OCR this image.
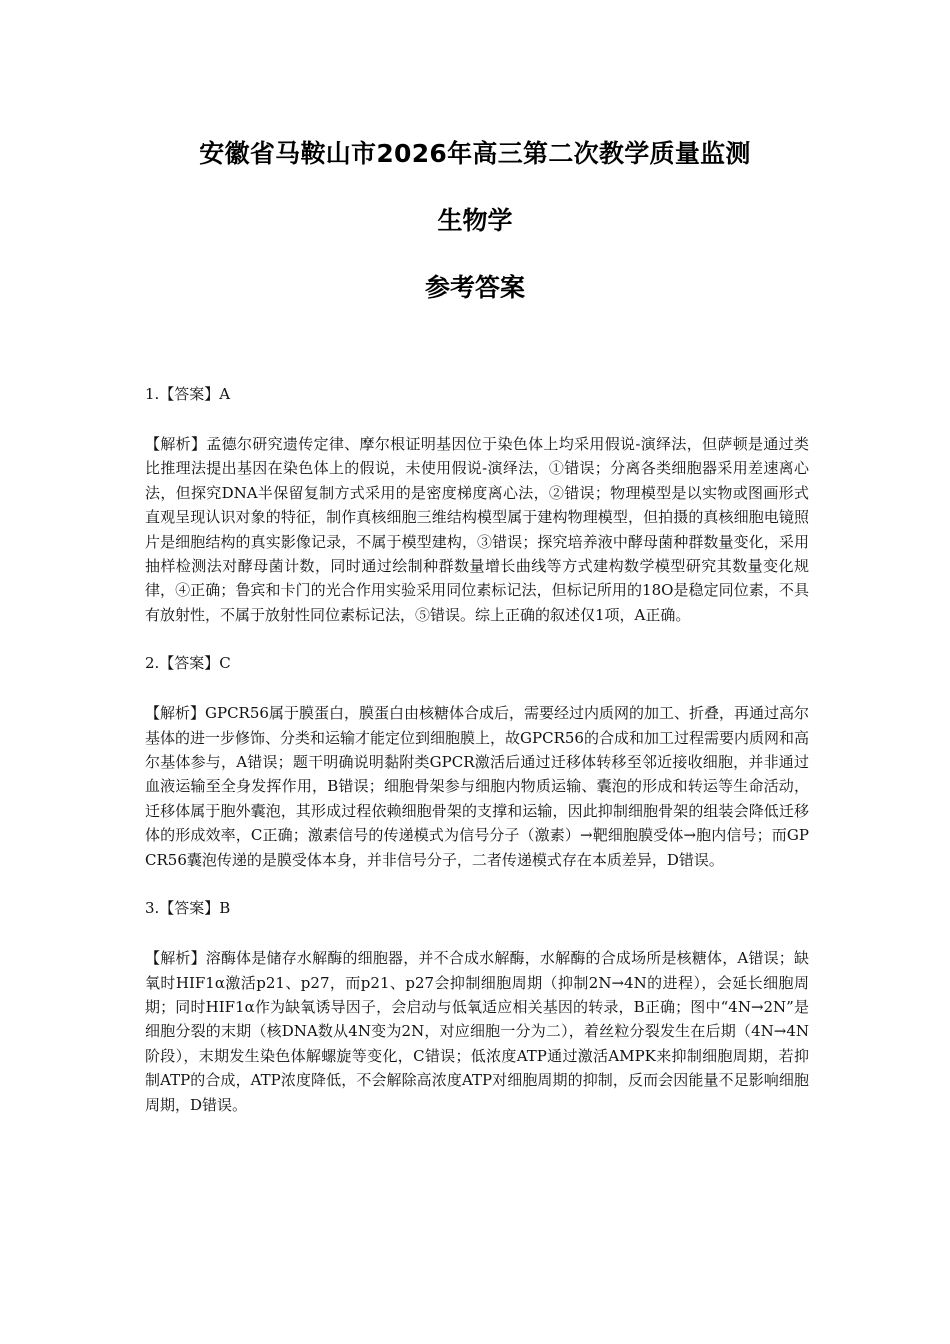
安徽省马鞍山市2026年高三第二次教学质量监测
生物学
参考答案

1.【答案】A

【解析】孟德尔研究遗传定律、摩尔根证明基因位于染色体上均采用假说-演绎法，但萨顿是通过类比推理法提出基因在染色体上的假说，未使用假说-演绎法，①错误；分离各类细胞器采用差速离心法，但探究DNA半保留复制方式采用的是密度梯度离心法，②错误；物理模型是以实物或图画形式直观呈现认识对象的特征，制作真核细胞三维结构模型属于建构物理模型，但拍摄的真核细胞电镜照片是细胞结构的真实影像记录，不属于模型建构，③错误；探究培养液中酵母菌种群数量变化，采用抽样检测法对酵母菌计数，同时通过绘制种群数量增长曲线等方式建构数学模型研究其数量变化规律，④正确；鲁宾和卡门的光合作用实验采用同位素标记法，但标记所用的18O是稳定同位素，不具有放射性，不属于放射性同位素标记法，⑤错误。综上正确的叙述仅1项，A正确。

2.【答案】C

【解析】GPCR56属于膜蛋白，膜蛋白由核糖体合成后，需要经过内质网的加工、折叠，再通过高尔基体的进一步修饰、分类和运输才能定位到细胞膜上，故GPCR56的合成和加工过程需要内质网和高尔基体参与，A错误；题干明确说明黏附类GPCR激活后通过迁移体转移至邻近接收细胞，并非通过血液运输至全身发挥作用，B错误；细胞骨架参与细胞内物质运输、囊泡的形成和转运等生命活动，迁移体属于胞外囊泡，其形成过程依赖细胞骨架的支撑和运输，因此抑制细胞骨架的组装会降低迁移体的形成效率，C正确；激素信号的传递模式为信号分子（激素）→靶细胞膜受体→胞内信号；而GPCR56囊泡传递的是膜受体本身，并非信号分子，二者传递模式存在本质差异，D错误。

3.【答案】B

【解析】溶酶体是储存水解酶的细胞器，并不合成水解酶，水解酶的合成场所是核糖体，A错误；缺氧时HIF1α激活p21、p27，而p21、p27会抑制细胞周期（抑制2N→4N的进程），会延长细胞周期；同时HIF1α作为缺氧诱导因子，会启动与低氧适应相关基因的转录，B正确；图中“4N→2N”是细胞分裂的末期（核DNA数从4N变为2N，对应细胞一分为二），着丝粒分裂发生在后期（4N→4N阶段），末期发生染色体解螺旋等变化，C错误；低浓度ATP通过激活AMPK来抑制细胞周期，若抑制ATP的合成，ATP浓度降低，不会解除高浓度ATP对细胞周期的抑制，反而会因能量不足影响细胞周期，D错误。
